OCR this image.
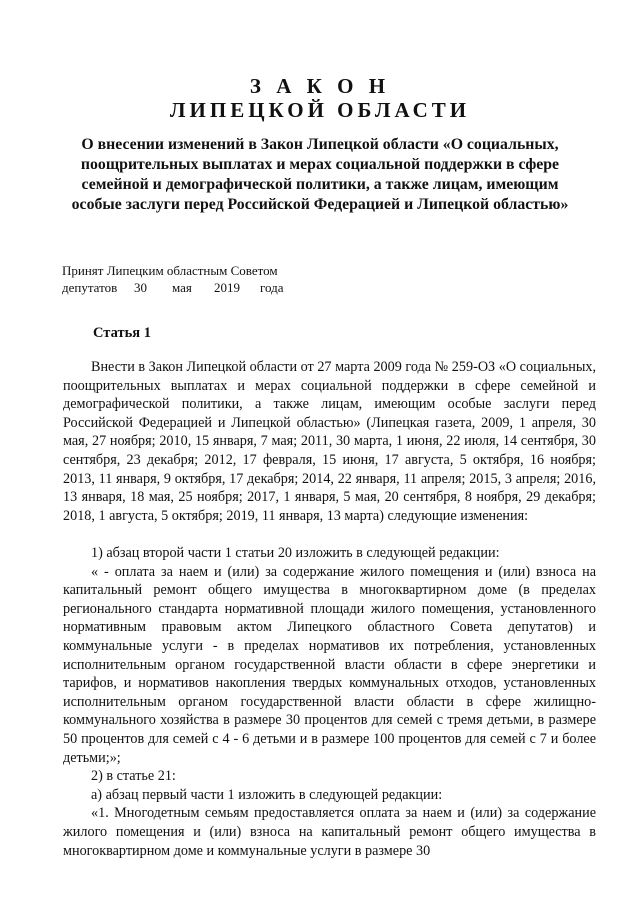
З А К О Н
ЛИПЕЦКОЙ ОБЛАСТИ
О внесении изменений в Закон Липецкой области «О социальных, поощрительных выплатах и мерах социальной поддержки в сфере семейной и демографической политики, а также лицам, имеющим особые заслуги перед Российской Федерацией и Липецкой областью»
Принят Липецким областным Советом
депутатов	30	мая	2019	года
Статья 1

Внести в Закон Липецкой области от 27 марта 2009 года № 259-ОЗ «О социальных, поощрительных выплатах и мерах социальной поддержки в сфере семейной и демографической политики, а также лицам, имеющим особые заслуги перед Российской Федерацией и Липецкой областью» (Липецкая газета, 2009, 1 апреля, 30 мая, 27 ноября; 2010, 15 января, 7 мая; 2011, 30 марта, 1 июня, 22 июля, 14 сентября, 30 сентября, 23 декабря; 2012, 17 февраля, 15 июня, 17 августа, 5 октября, 16 ноября; 2013, 11 января, 9 октября, 17 декабря; 2014, 22 января, 11 апреля; 2015, 3 апреля; 2016, 13 января, 18 мая, 25 ноября; 2017, 1 января, 5 мая, 20 сентября, 8 ноября, 29 декабря; 2018, 1 августа, 5 октября; 2019, 11 января, 13 марта) следующие изменения:

1) абзац второй части 1 статьи 20 изложить в следующей редакции:

« - оплата за наем и (или) за содержание жилого помещения и (или) взноса на капитальный ремонт общего имущества в многоквартирном доме (в пределах регионального стандарта нормативной площади жилого помещения, установленного нормативным правовым актом Липецкого областного Совета депутатов) и коммунальные услуги - в пределах нормативов их потребления, установленных исполнительным органом государственной власти области в сфере энергетики и тарифов, и нормативов накопления твердых коммунальных отходов, установленных исполнительным органом государственной власти области в сфере жилищно-коммунального хозяйства в размере 30 процентов для семей с тремя детьми, в размере 50 процентов для семей с 4 - 6 детьми и в размере 100 процентов для семей с 7 и более детьми;»;

2) в статье 21:

а) абзац первый части 1 изложить в следующей редакции:

«1. Многодетным семьям предоставляется оплата за наем и (или) за содержание жилого помещения и (или) взноса на капитальный ремонт общего имущества в многоквартирном доме и коммунальные услуги в размере 30
